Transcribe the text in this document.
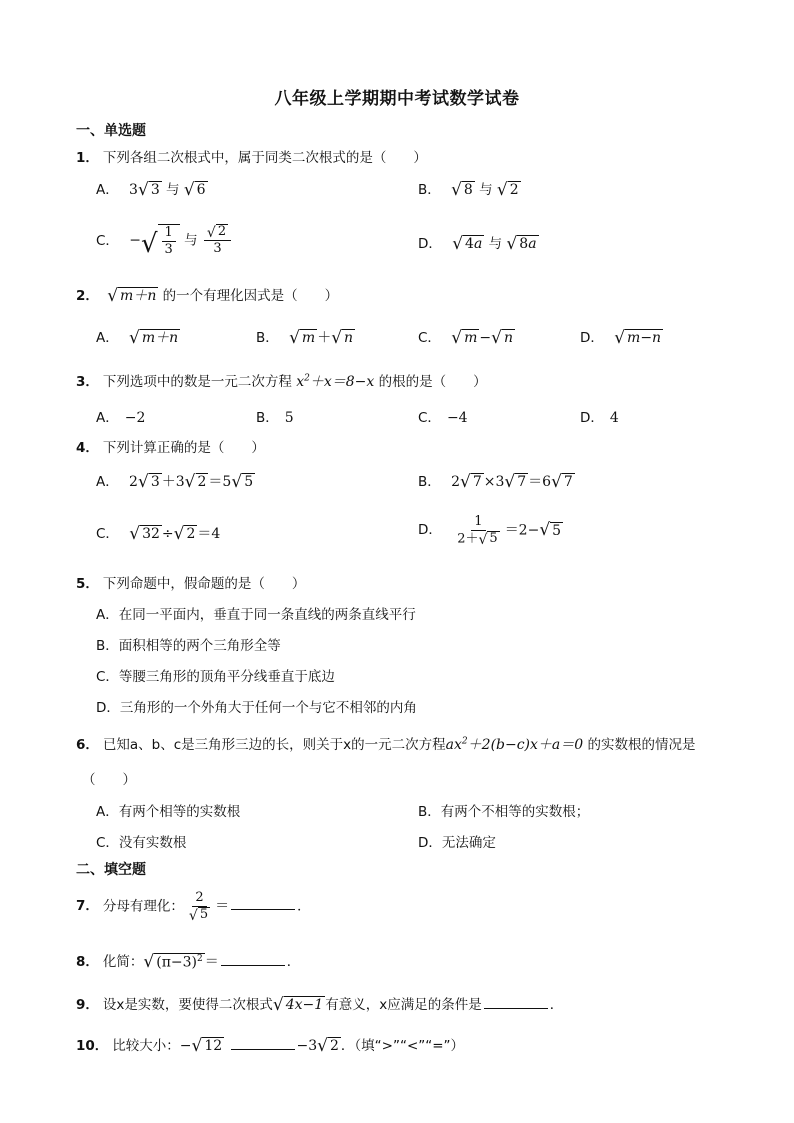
八年级上学期期中考试数学试卷
一、单选题
1． 下列各组二次根式中，属于同类二次根式的是（　　）
A． 3 √ 3 与 √ 6	B． √ 8 与 √ 2
C． − √ $\frac{1}{3}$ 与 $\frac{√ 2}{3}$	D． √ 4a 与 √ 8a
2． √ m＋n 的一个有理化因式是（　　）
A． √ m＋n	B． √ m ＋ √ n	C． √ m − √ n	D． √ m−n
3． 下列选项中的数是一元二次方程 $x^2+x=8-x$ 的根的是（　　）
A． −2	B． 5	C． −4	D． 4
4． 下列计算正确的是（　　）
A． 2 √ 3 ＋3 √ 2 ＝5 √ 5	B． 2 √ 7 ×3 √ 7 ＝6 √ 7
C． √ 32 ÷ √ 2 ＝4	D． $\frac{1}{2+ √ 5} =2-$ √ 5
5． 下列命题中，假命题的是（　　）
A．在同一平面内，垂直于同一条直线的两条直线平行
B．面积相等的两个三角形全等
C．等腰三角形的顶角平分线垂直于底边
D．三角形的一个外角大于任何一个与它不相邻的内角
6． 已知a、b、c是三角形三边的长，则关于x的一元二次方程$ax^2+2(b-c)x+a=0$ 的实数根的情况是
（　　）
A．有两个相等的实数根	B．有两个不相等的实数根；
C．没有实数根	D．无法确定
二、填空题
7． 分母有理化： $\frac{2}{√ 5}$ ＝	．
8． 化简： √ $(\pi-3)^2$ ＝	．
9． 设x是实数，要使得二次根式 √ 4x−1 有意义，x应满足的条件是	．
10． 比较大小：− √ 12	−3 √ 2 ．（填“>”“<”“=”）
